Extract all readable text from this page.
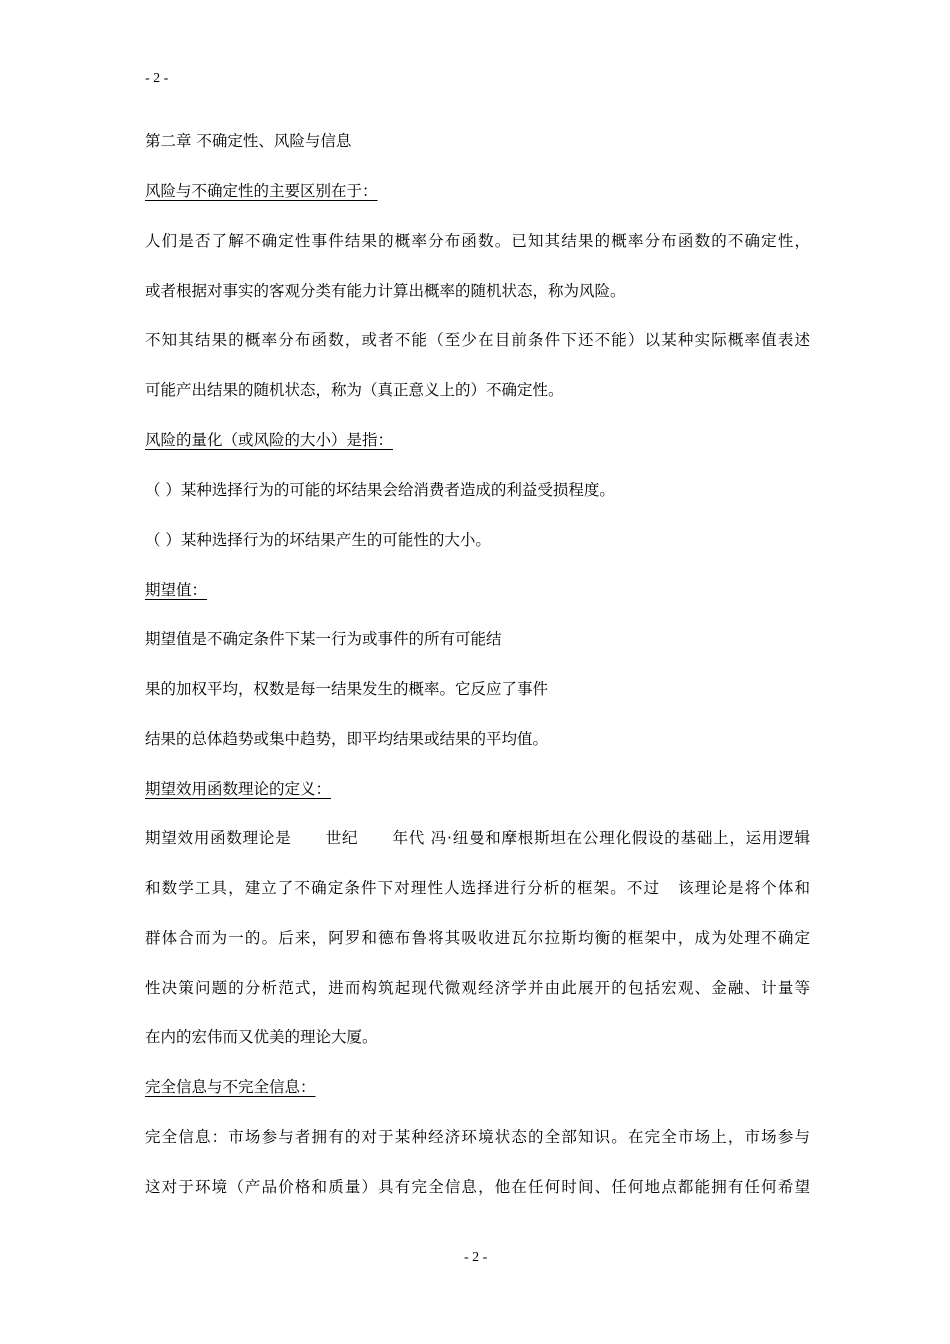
- 2 -
第二章 不确定性、风险与信息
风险与不确定性的主要区别在于：
人们是否了解不确定性事件结果的概率分布函数。已知其结果的概率分布函数的不确定性，
或者根据对事实的客观分类有能力计算出概率的随机状态，称为风险。
不知其结果的概率分布函数，或者不能（至少在目前条件下还不能）以某种实际概率值表述
可能产出结果的随机状态，称为（真正意义上的）不确定性。
风险的量化（或风险的大小）是指：
（ ）某种选择行为的可能的坏结果会给消费者造成的利益受损程度。
（ ）某种选择行为的坏结果产生的可能性的大小。
期望值：
期望值是不确定条件下某一行为或事件的所有可能结
果的加权平均，权数是每一结果发生的概率。它反应了事件
结果的总体趋势或集中趋势，即平均结果或结果的平均值。
期望效用函数理论的定义：
期望效用函数理论是      世纪      年代 冯·纽曼和摩根斯坦在公理化假设的基础上，运用逻辑
和数学工具，建立了不确定条件下对理性人选择进行分析的框架。不过   该理论是将个体和
群体合而为一的。后来，阿罗和德布鲁将其吸收进瓦尔拉斯均衡的框架中，成为处理不确定
性决策问题的分析范式，进而构筑起现代微观经济学并由此展开的包括宏观、金融、计量等
在内的宏伟而又优美的理论大厦。
完全信息与不完全信息：
完全信息：市场参与者拥有的对于某种经济环境状态的全部知识。在完全市场上，市场参与
这对于环境（产品价格和质量）具有完全信息，他在任何时间、任何地点都能拥有任何希望
- 2 -
